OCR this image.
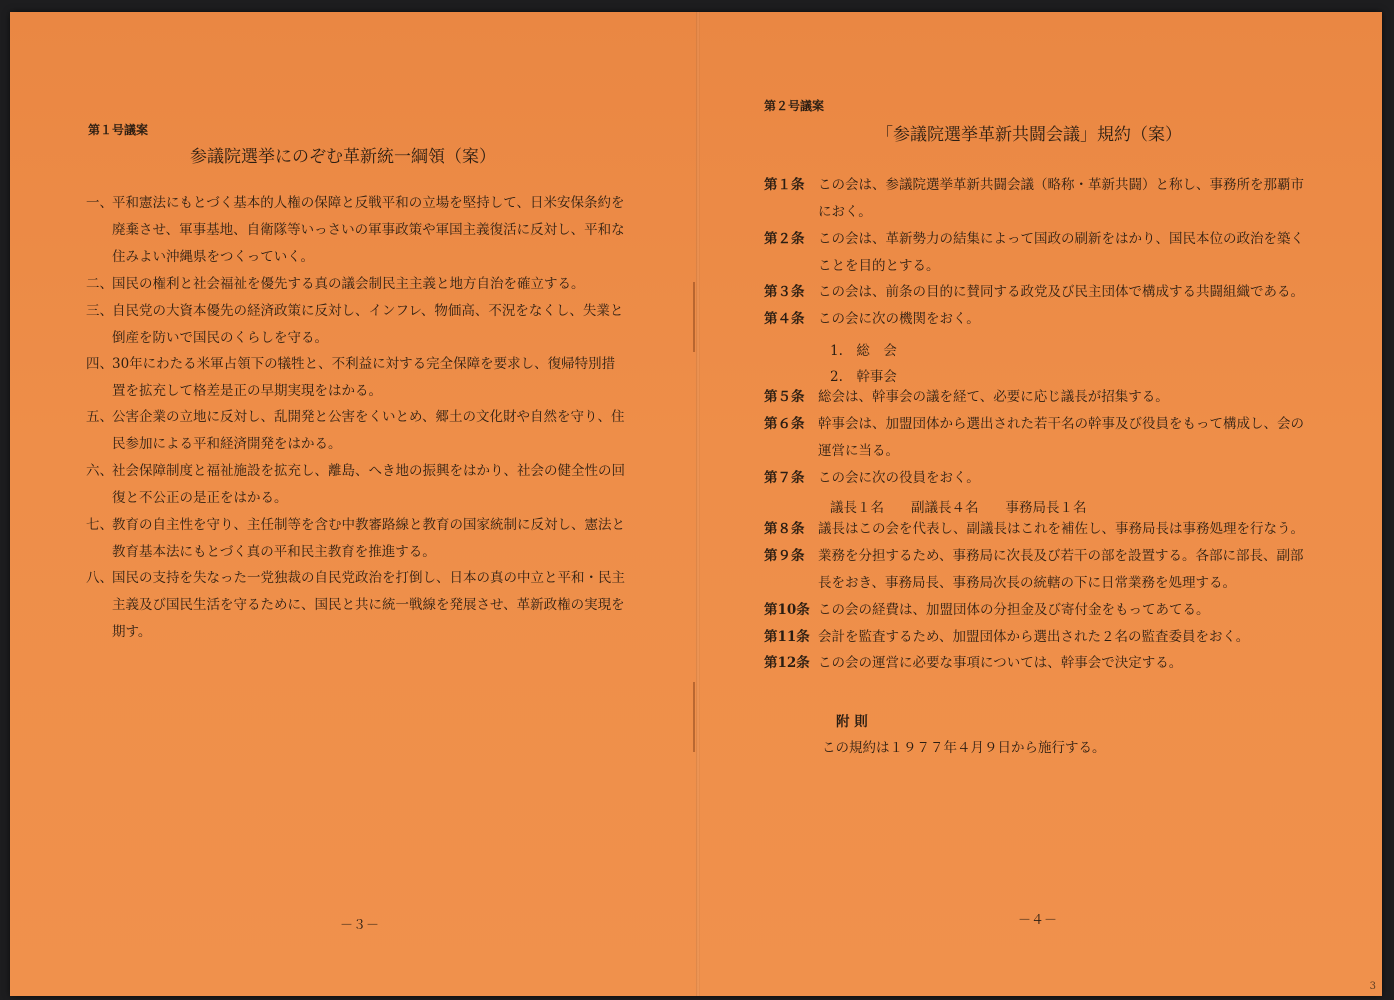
第１号議案
参議院選挙にのぞむ革新統一綱領（案）
一、 平和憲法にもとづく基本的人権の保障と反戦平和の立場を堅持して、日米安保条約を廃棄させ、軍事基地、自衛隊等いっさいの軍事政策や軍国主義復活に反対し、平和な住みよい沖縄県をつくっていく。
二、 国民の権利と社会福祉を優先する真の議会制民主主義と地方自治を確立する。
三、 自民党の大資本優先の経済政策に反対し、インフレ、物価高、不況をなくし、失業と倒産を防いで国民のくらしを守る。
四、 30年にわたる米軍占領下の犠牲と、不利益に対する完全保障を要求し、復帰特別措置を拡充して格差是正の早期実現をはかる。
五、 公害企業の立地に反対し、乱開発と公害をくいとめ、郷土の文化財や自然を守り、住民参加による平和経済開発をはかる。
六、 社会保障制度と福祉施設を拡充し、離島、へき地の振興をはかり、社会の健全性の回復と不公正の是正をはかる。
七、 教育の自主性を守り、主任制等を含む中教審路線と教育の国家統制に反対し、憲法と教育基本法にもとづく真の平和民主教育を推進する。
八、 国民の支持を失なった一党独裁の自民党政治を打倒し、日本の真の中立と平和・民主主義及び国民生活を守るために、国民と共に統一戦線を発展させ、革新政権の実現を期す。
－３－
第２号議案
「参議院選挙革新共闘会議」規約（案）
第１条	この会は、参議院選挙革新共闘会議（略称・革新共闘）と称し、事務所を那覇市におく。
第２条	この会は、革新勢力の結集によって国政の刷新をはかり、国民本位の政治を築くことを目的とする。
第３条	この会は、前条の目的に賛同する政党及び民主団体で構成する共闘組織である。
第４条	この会に次の機関をおく。
1.　総　会
2.　幹事会
第５条	総会は、幹事会の議を経て、必要に応じ議長が招集する。
第６条	幹事会は、加盟団体から選出された若干名の幹事及び役員をもって構成し、会の運営に当る。
第７条	この会に次の役員をおく。
議長１名　　副議長４名　　事務局長１名
第８条	議長はこの会を代表し、副議長はこれを補佐し、事務局長は事務処理を行なう。
第９条	業務を分担するため、事務局に次長及び若干の部を設置する。各部に部長、副部長をおき、事務局長、事務局次長の統轄の下に日常業務を処理する。
第10条 この会の経費は、加盟団体の分担金及び寄付金をもってあてる。
第11条 会計を監査するため、加盟団体から選出された２名の監査委員をおく。
第12条 この会の運営に必要な事項については、幹事会で決定する。
附 則
この規約は１９７７年４月９日から施行する。
－４－
3
